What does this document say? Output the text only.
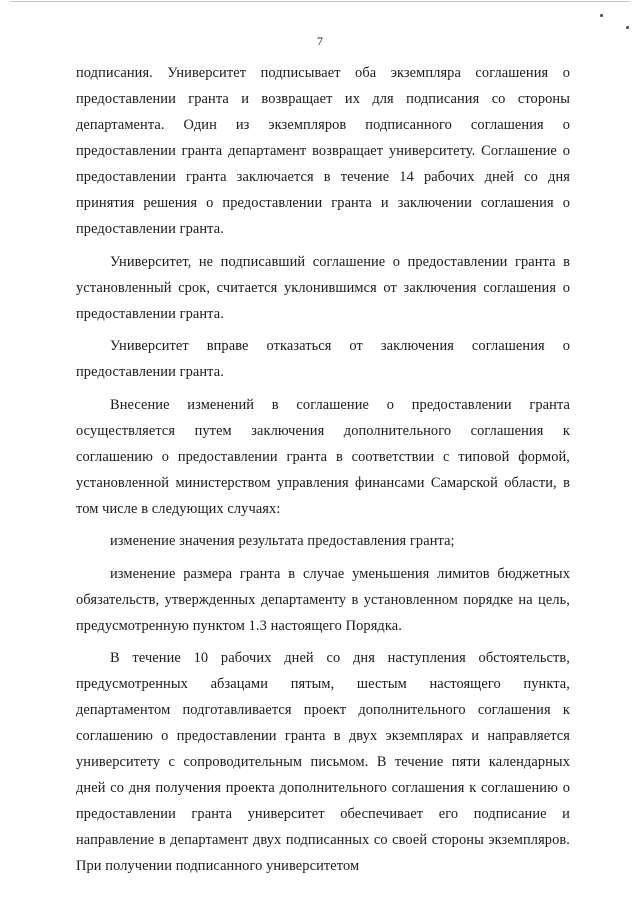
7

подписания. Университет подписывает оба экземпляра соглашения о предоставлении гранта и возвращает их для подписания со стороны департамента. Один из экземпляров подписанного соглашения о предоставлении гранта департамент возвращает университету. Соглашение о предоставлении гранта заключается в течение 14 рабочих дней со дня принятия решения о предоставлении гранта и заключении соглашения о предоставлении гранта.

Университет, не подписавший соглашение о предоставлении гранта в установленный срок, считается уклонившимся от заключения соглашения о предоставлении гранта.

Университет вправе отказаться от заключения соглашения о предоставлении гранта.

Внесение изменений в соглашение о предоставлении гранта осуществляется путем заключения дополнительного соглашения к соглашению о предоставлении гранта в соответствии с типовой формой, установленной министерством управления финансами Самарской области, в том числе в следующих случаях:

изменение значения результата предоставления гранта;

изменение размера гранта в случае уменьшения лимитов бюджетных обязательств, утвержденных департаменту в установленном порядке на цель, предусмотренную пунктом 1.3 настоящего Порядка.

В течение 10 рабочих дней со дня наступления обстоятельств, предусмотренных абзацами пятым, шестым настоящего пункта, департаментом подготавливается проект дополнительного соглашения к соглашению о предоставлении гранта в двух экземплярах и направляется университету с сопроводительным письмом. В течение пяти календарных дней со дня получения проекта дополнительного соглашения к соглашению о предоставлении гранта университет обеспечивает его подписание и направление в департамент двух подписанных со своей стороны экземпляров. При получении подписанного университетом
